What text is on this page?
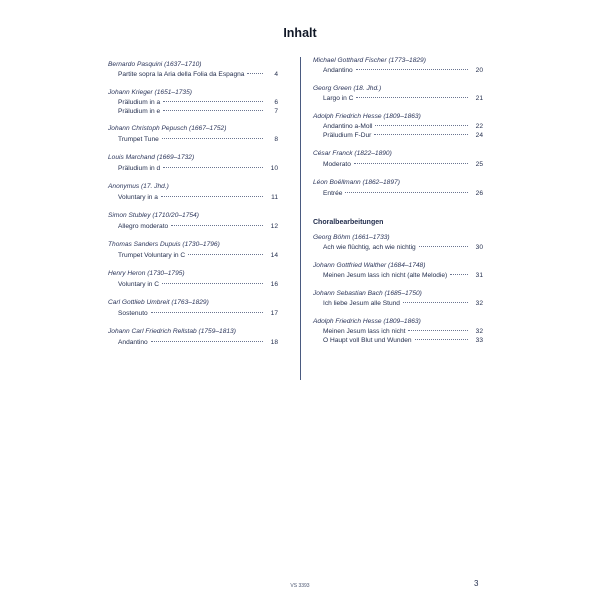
Inhalt
Bernardo Pasquini (1637–1710)
Partite sopra la Aria della Folia da Espagna	4
Johann Krieger (1651–1735)
Präludium in a	6
Präludium in e	7
Johann Christoph Pepusch (1667–1752)
Trumpet Tune	8
Louis Marchand (1669–1732)
Präludium in d	10
Anonymus (17. Jhd.)
Voluntary in a	11
Simon Stubley (1710/20–1754)
Allegro moderato	12
Thomas Sanders Dupuis (1730–1796)
Trumpet Voluntary in C	14
Henry Heron (1730–1795)
Voluntary in C	16
Carl Gottlieb Umbreit (1763–1829)
Sostenuto	17
Johann Carl Friedrich Rellstab (1759–1813)
Andantino	18
Michael Gotthard Fischer (1773–1829)
Andantino	20
Georg Green (18. Jhd.)
Largo in C	21
Adolph Friedrich Hesse (1809–1863)
Andantino a-Moll	22
Präludium F-Dur	24
César Franck (1822–1890)
Moderato	25
Léon Boëllmann (1862–1897)
Entrée	26
Choralbearbeitungen
Georg Böhm (1661–1733)
Ach wie flüchtig, ach wie nichtig	30
Johann Gottfried Walther (1684–1748)
Meinen Jesum lass ich nicht (alte Melodie)	31
Johann Sebastian Bach (1685–1750)
Ich liebe Jesum alle Stund	32
Adolph Friedrich Hesse (1809–1863)
Meinen Jesum lass ich nicht	32
O Haupt voll Blut und Wunden	33
VS 3393	3
